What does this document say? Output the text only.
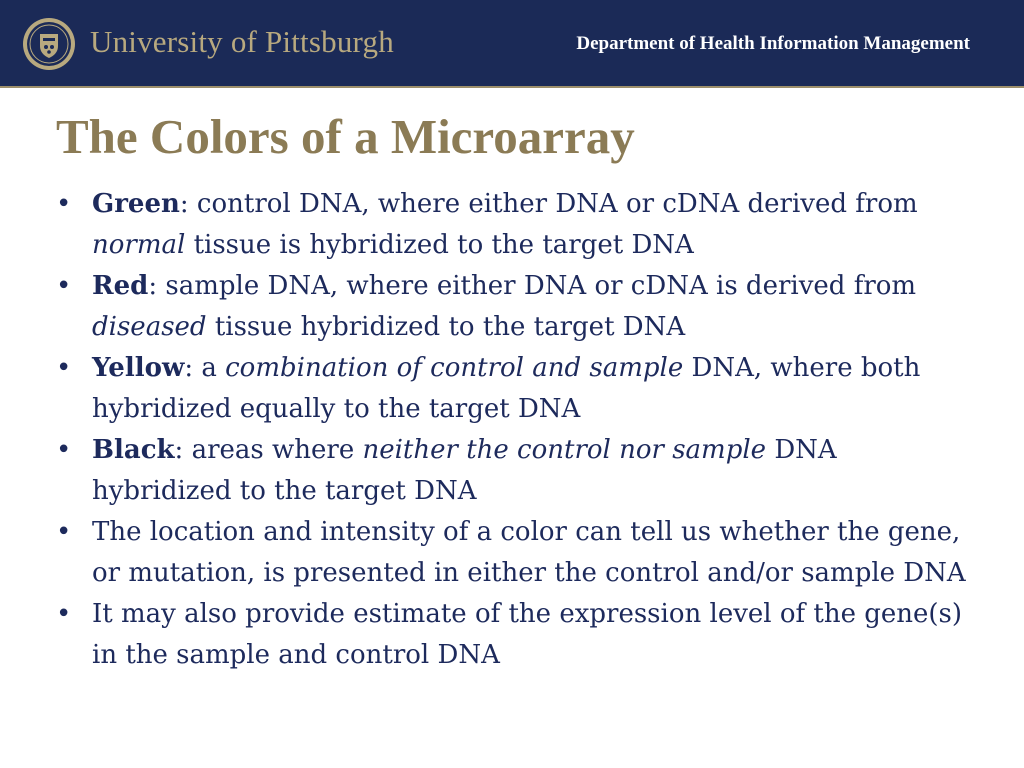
University of Pittsburgh	Department of Health Information Management
The Colors of a Microarray
• Green: control DNA, where either DNA or cDNA derived from normal tissue is hybridized to the target DNA
• Red: sample DNA, where either DNA or cDNA is derived from diseased tissue hybridized to the target DNA
• Yellow: a combination of control and sample DNA, where both hybridized equally to the target DNA
• Black: areas where neither the control nor sample DNA hybridized to the target DNA
• The location and intensity of a color can tell us whether the gene, or mutation, is presented in either the control and/or sample DNA
• It may also provide estimate of the expression level of the gene(s) in the sample and control DNA
